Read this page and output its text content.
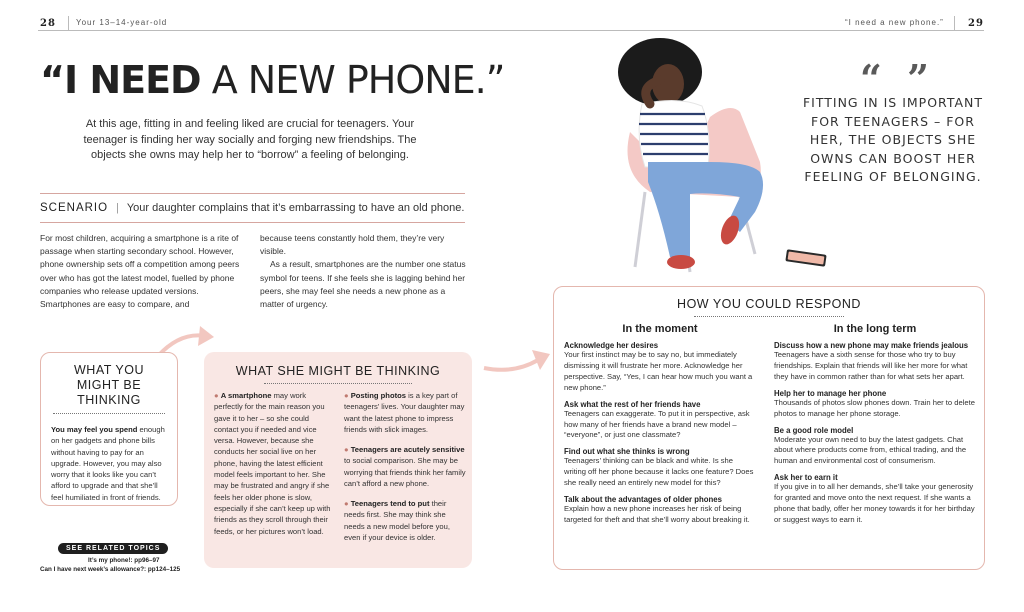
28	Your 13–14-year-old	“I need a new phone.” 29
“I NEED A NEW PHONE.”
At this age, fitting in and feeling liked are crucial for teenagers. Your teenager is finding her way socially and forging new friendships. The objects she owns may help her to “borrow” a feeling of belonging.
SCENARIO | Your daughter complains that it’s embarrassing to have an old phone.
For most children, acquiring a smartphone is a rite of passage when starting secondary school. However, phone ownership sets off a competition among peers over who has got the latest model, fuelled by phone companies who release updated versions. Smartphones are easy to compare, and
because teens constantly hold them, they’re very visible.
As a result, smartphones are the number one status symbol for teens. If she feels she is lagging behind her peers, she may feel she needs a new phone as a matter of urgency.
WHAT YOU MIGHT BE THINKING
You may feel you spend enough on her gadgets and phone bills without having to pay for an upgrade. However, you may also worry that it looks like you can’t afford to upgrade and that she’ll feel humiliated in front of friends.
WHAT SHE MIGHT BE THINKING
● A smartphone may work perfectly for the main reason you gave it to her – so she could contact you if needed and vice versa. However, because she conducts her social live on her phone, having the latest efficient model feels important to her. She may be frustrated and angry if she feels her older phone is slow, especially if she can’t keep up with friends as they scroll through their feeds, or her pictures won’t load.
● Posting photos is a key part of teenagers’ lives. Your daughter may want the latest phone to impress friends with slick images.
● Teenagers are acutely sensitive to social comparison. She may be worrying that friends think her family can’t afford a new phone.
● Teenagers tend to put their needs first. She may think she needs a new model before you, even if your device is older.
SEE RELATED TOPICS
It’s my phone!: pp96–97
Can I have next week’s allowance?: pp124–125
“ ”
FITTING IN IS IMPORTANT FOR TEENAGERS – FOR HER, THE OBJECTS SHE OWNS CAN BOOST HER FEELING OF BELONGING.
HOW YOU COULD RESPOND
In the moment
Acknowledge her desires
Your first instinct may be to say no, but immediately dismissing it will frustrate her more. Acknowledge her perspective. Say, “Yes, I can hear how much you want a new phone.”
Ask what the rest of her friends have
Teenagers can exaggerate. To put it in perspective, ask how many of her friends have a brand new model – “everyone”, or just one classmate?
Find out what she thinks is wrong
Teenagers’ thinking can be black and white. Is she writing off her phone because it lacks one feature? Does she really need an entirely new model for this?
Talk about the advantages of older phones
Explain how a new phone increases her risk of being targeted for theft and that she’ll worry about breaking it.
In the long term
Discuss how a new phone may make friends jealous
Teenagers have a sixth sense for those who try to buy friendships. Explain that friends will like her more for what they have in common rather than for what sets her apart.
Help her to manage her phone
Thousands of photos slow phones down. Train her to delete photos to manage her phone storage.
Be a good role model
Moderate your own need to buy the latest gadgets. Chat about where products come from, ethical trading, and the human and environmental cost of consumerism.
Ask her to earn it
If you give in to all her demands, she’ll take your generosity for granted and move onto the next request. If she wants a phone that badly, offer her money towards it for her birthday or suggest ways to earn it.
